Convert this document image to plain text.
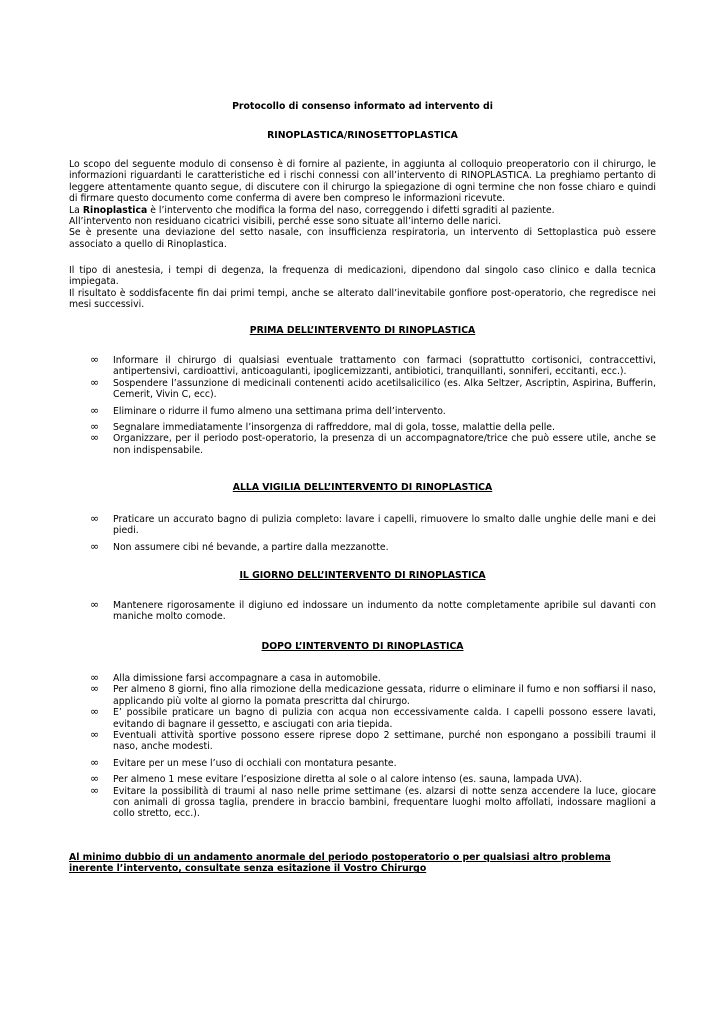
Protocollo di consenso informato ad intervento di
RINOPLASTICA/RINOSETTOPLASTICA

Lo scopo del seguente modulo di consenso è di fornire al paziente, in aggiunta al colloquio preoperatorio con il chirurgo, le informazioni riguardanti le caratteristiche ed i rischi connessi con all’intervento di RINOPLASTICA. La preghiamo pertanto di leggere attentamente quanto segue, di discutere con il chirurgo la spiegazione di ogni termine che non fosse chiaro e quindi di firmare questo documento come conferma di avere ben compreso le informazioni ricevute.

La Rinoplastica è l’intervento che modifica la forma del naso, correggendo i difetti sgraditi al paziente.

All’intervento non residuano cicatrici visibili, perché esse sono situate all’interno delle narici.

Se è presente una deviazione del setto nasale, con insufficienza respiratoria, un intervento di Settoplastica può essere associato a quello di Rinoplastica.

Il tipo di anestesia, i tempi di degenza, la frequenza di medicazioni, dipendono dal singolo caso clinico e dalla tecnica impiegata.

Il risultato è soddisfacente fin dai primi tempi, anche se alterato dall’inevitabile gonfiore post-operatorio, che regredisce nei mesi successivi.

PRIMA DELL’INTERVENTO DI RINOPLASTICA
∞ Informare il chirurgo di qualsiasi eventuale trattamento con farmaci (soprattutto cortisonici, contraccettivi, antipertensivi, cardioattivi, anticoagulanti, ipoglicemizzanti, antibiotici, tranquillanti, sonniferi, eccitanti, ecc.).
∞ Sospendere l’assunzione di medicinali contenenti acido acetilsalicilico (es. Alka Seltzer, Ascriptin, Aspirina, Bufferin, Cemerit, Vivin C, ecc).
∞ Eliminare o ridurre il fumo almeno una settimana prima dell’intervento.
∞ Segnalare immediatamente l’insorgenza di raffreddore, mal di gola, tosse, malattie della pelle.
∞ Organizzare, per il periodo post-operatorio, la presenza di un accompagnatore/trice che può essere utile, anche se non indispensabile.
ALLA VIGILIA DELL’INTERVENTO DI RINOPLASTICA
∞ Praticare un accurato bagno di pulizia completo: lavare i capelli, rimuovere lo smalto dalle unghie delle mani e dei piedi.
∞ Non assumere cibi né bevande, a partire dalla mezzanotte.
IL GIORNO DELL’INTERVENTO DI RINOPLASTICA
∞ Mantenere rigorosamente il digiuno ed indossare un indumento da notte completamente apribile sul davanti con maniche molto comode.
DOPO L’INTERVENTO DI RINOPLASTICA
∞ Alla dimissione farsi accompagnare a casa in automobile.
∞ Per almeno 8 giorni, fino alla rimozione della medicazione gessata, ridurre o eliminare il fumo e non soffiarsi il naso, applicando più volte al giorno la pomata prescritta dal chirurgo.
∞ E’ possibile praticare un bagno di pulizia con acqua non eccessivamente calda. I capelli possono essere lavati, evitando di bagnare il gessetto, e asciugati con aria tiepida.
∞ Eventuali attività sportive possono essere riprese dopo 2 settimane, purché non espongano a possibili traumi il naso, anche modesti.
∞ Evitare per un mese l’uso di occhiali con montatura pesante.
∞ Per almeno 1 mese evitare l’esposizione diretta al sole o al calore intenso (es. sauna, lampada UVA).
∞ Evitare la possibilità di traumi al naso nelle prime settimane (es. alzarsi di notte senza accendere la luce, giocare con animali di grossa taglia, prendere in braccio bambini, frequentare luoghi molto affollati, indossare maglioni a collo stretto, ecc.).
Al minimo dubbio di un andamento anormale del periodo postoperatorio o per qualsiasi altro problema inerente l’intervento, consultate senza esitazione il Vostro Chirurgo
